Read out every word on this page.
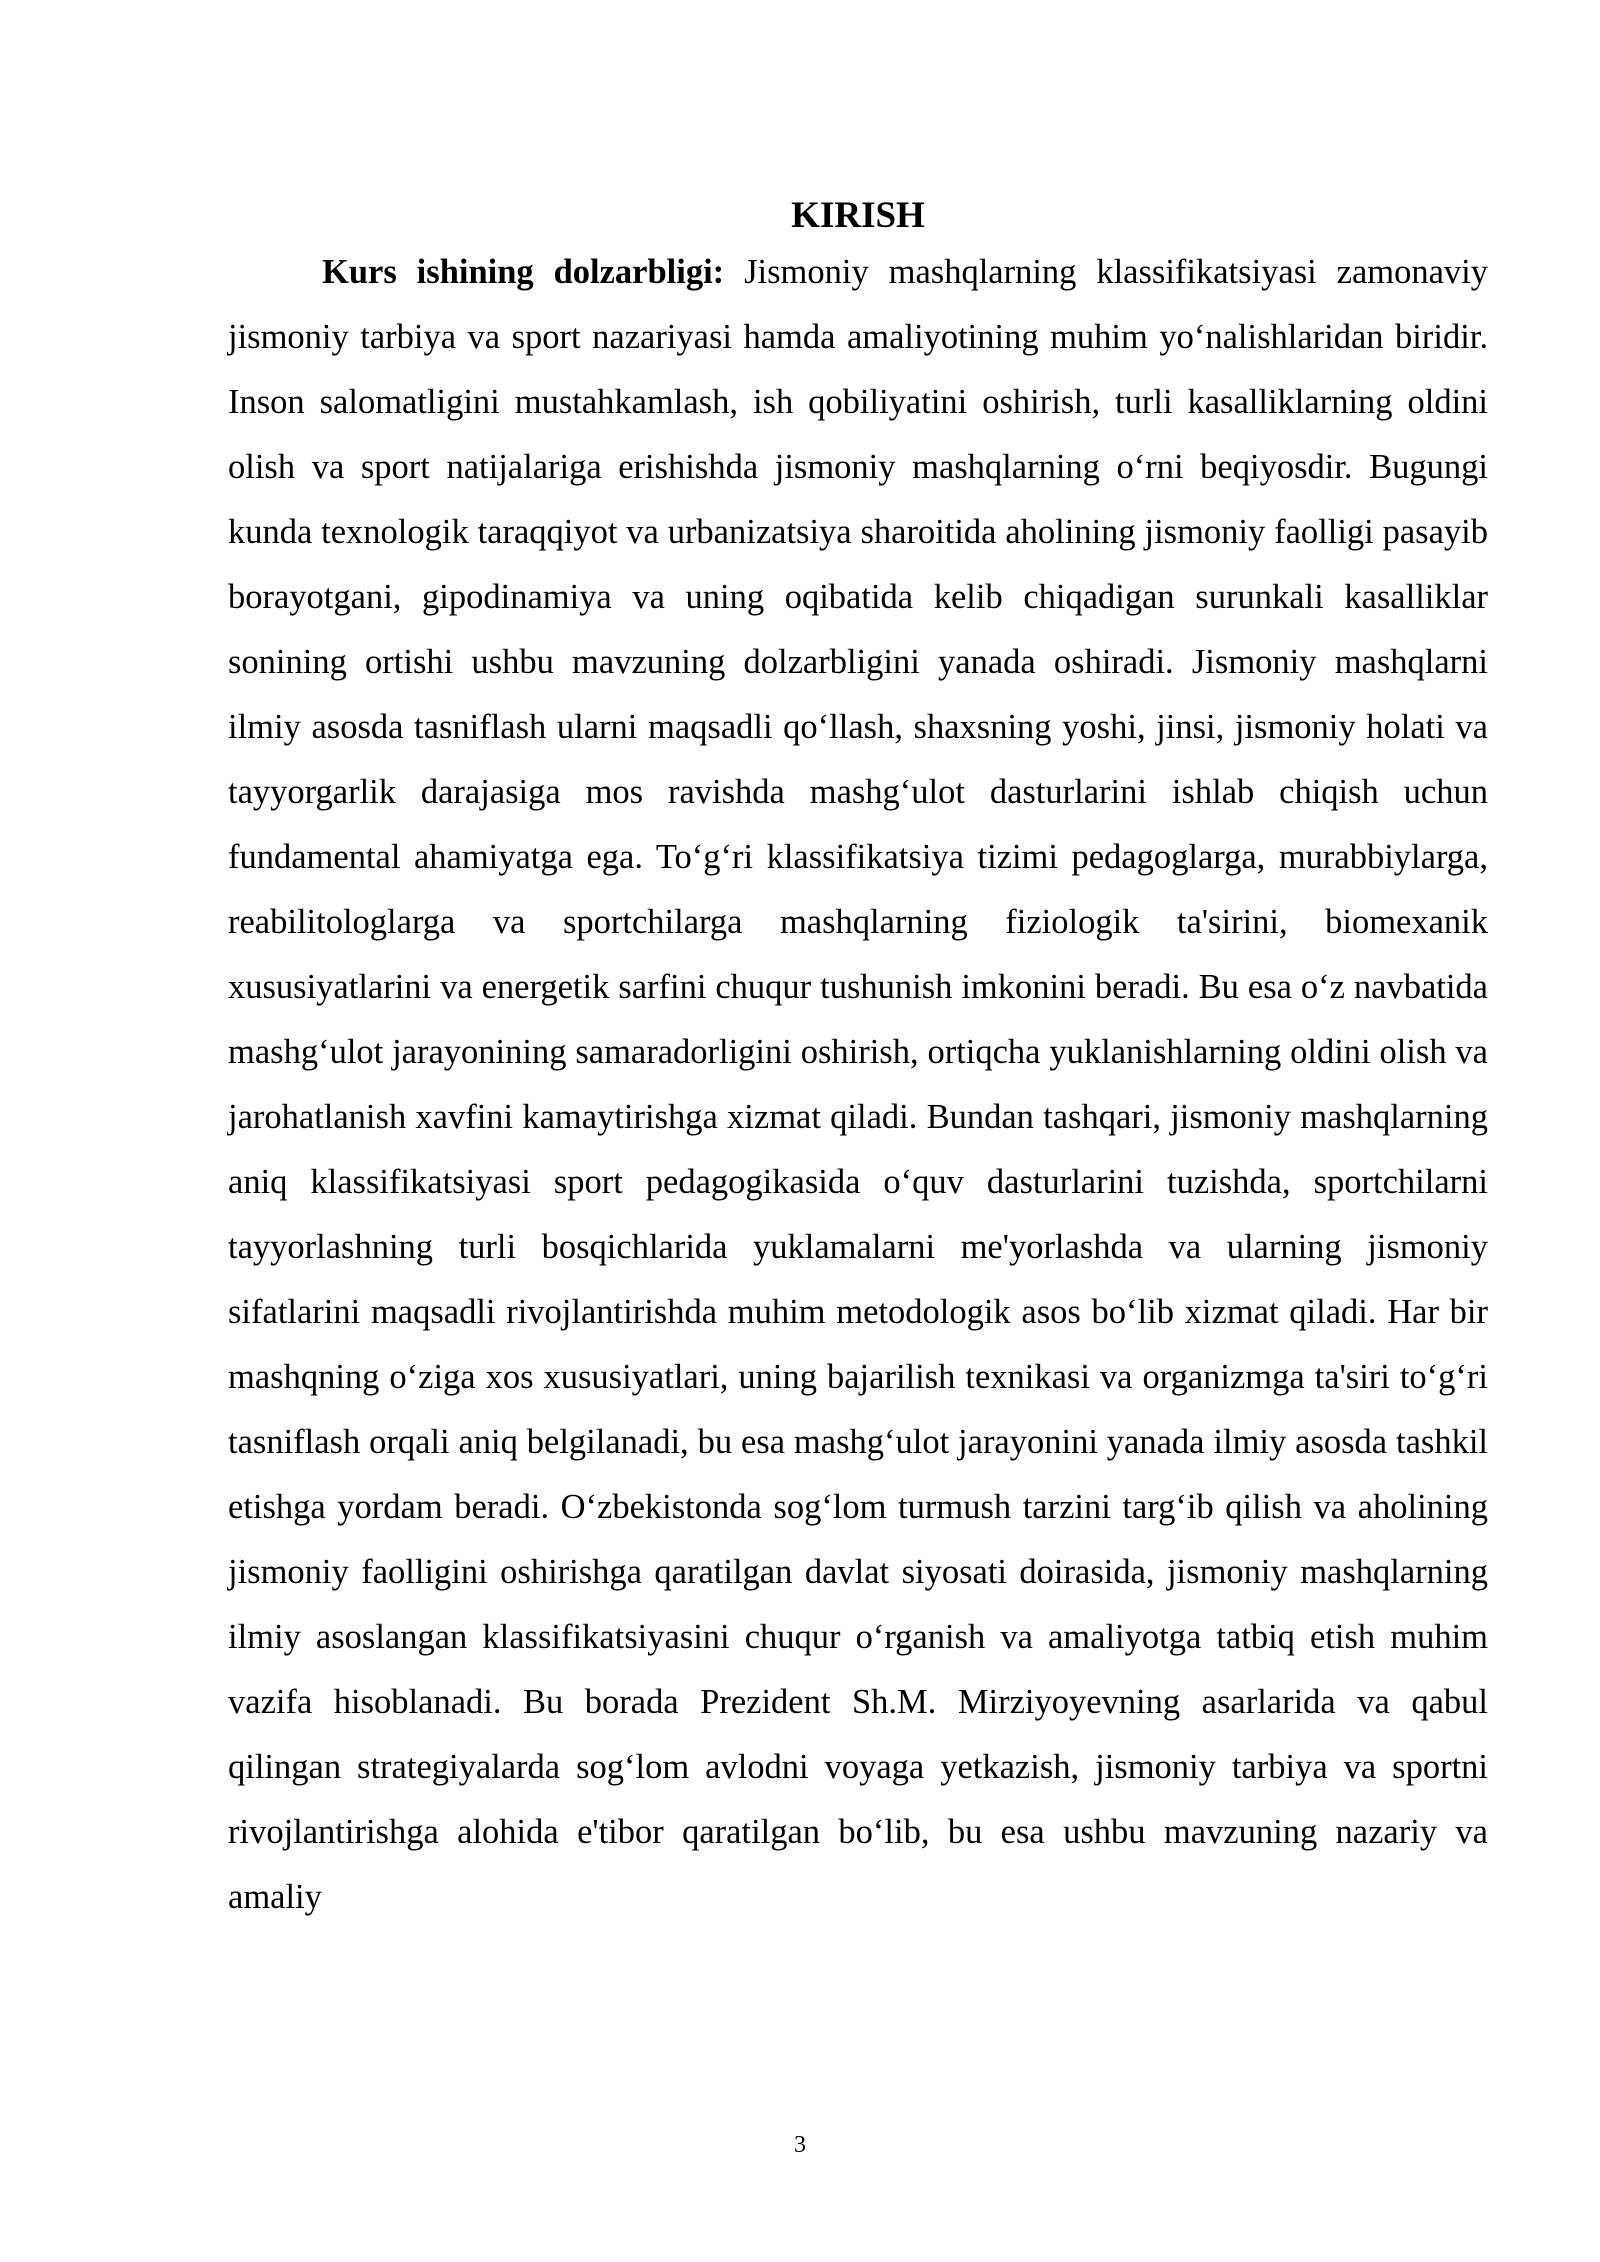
KIRISH

Kurs ishining dolzarbligi: Jismoniy mashqlarning klassifikatsiyasi zamonaviy jismoniy tarbiya va sport nazariyasi hamda amaliyotining muhim yo‘nalishlaridan biridir. Inson salomatligini mustahkamlash, ish qobiliyatini oshirish, turli kasalliklarning oldini olish va sport natijalariga erishishda jismoniy mashqlarning o‘rni beqiyosdir. Bugungi kunda texnologik taraqqiyot va urbanizatsiya sharoitida aholining jismoniy faolligi pasayib borayotgani, gipodinamiya va uning oqibatida kelib chiqadigan surunkali kasalliklar sonining ortishi ushbu mavzuning dolzarbligini yanada oshiradi. Jismoniy mashqlarni ilmiy asosda tasniflash ularni maqsadli qo‘llash, shaxsning yoshi, jinsi, jismoniy holati va tayyorgarlik darajasiga mos ravishda mashg‘ulot dasturlarini ishlab chiqish uchun fundamental ahamiyatga ega. To‘g‘ri klassifikatsiya tizimi pedagoglarga, murabbiylarga, reabilitologlarga va sportchilarga mashqlarning fiziologik ta'sirini, biomexanik xususiyatlarini va energetik sarfini chuqur tushunish imkonini beradi. Bu esa o‘z navbatida mashg‘ulot jarayonining samaradorligini oshirish, ortiqcha yuklanishlarning oldini olish va jarohatlanish xavfini kamaytirishga xizmat qiladi. Bundan tashqari, jismoniy mashqlarning aniq klassifikatsiyasi sport pedagogikasida o‘quv dasturlarini tuzishda, sportchilarni tayyorlashning turli bosqichlarida yuklamalarni me'yorlashda va ularning jismoniy sifatlarini maqsadli rivojlantirishda muhim metodologik asos bo‘lib xizmat qiladi. Har bir mashqning o‘ziga xos xususiyatlari, uning bajarilish texnikasi va organizmga ta'siri to‘g‘ri tasniflash orqali aniq belgilanadi, bu esa mashg‘ulot jarayonini yanada ilmiy asosda tashkil etishga yordam beradi. O‘zbekistonda sog‘lom turmush tarzini targ‘ib qilish va aholining jismoniy faolligini oshirishga qaratilgan davlat siyosati doirasida, jismoniy mashqlarning ilmiy asoslangan klassifikatsiyasini chuqur o‘rganish va amaliyotga tatbiq etish muhim vazifa hisoblanadi. Bu borada Prezident Sh.M. Mirziyoyevning asarlarida va qabul qilingan strategiyalarda sog‘lom avlodni voyaga yetkazish, jismoniy tarbiya va sportni rivojlantirishga alohida e'tibor qaratilgan bo‘lib, bu esa ushbu mavzuning nazariy va amaliy

3
